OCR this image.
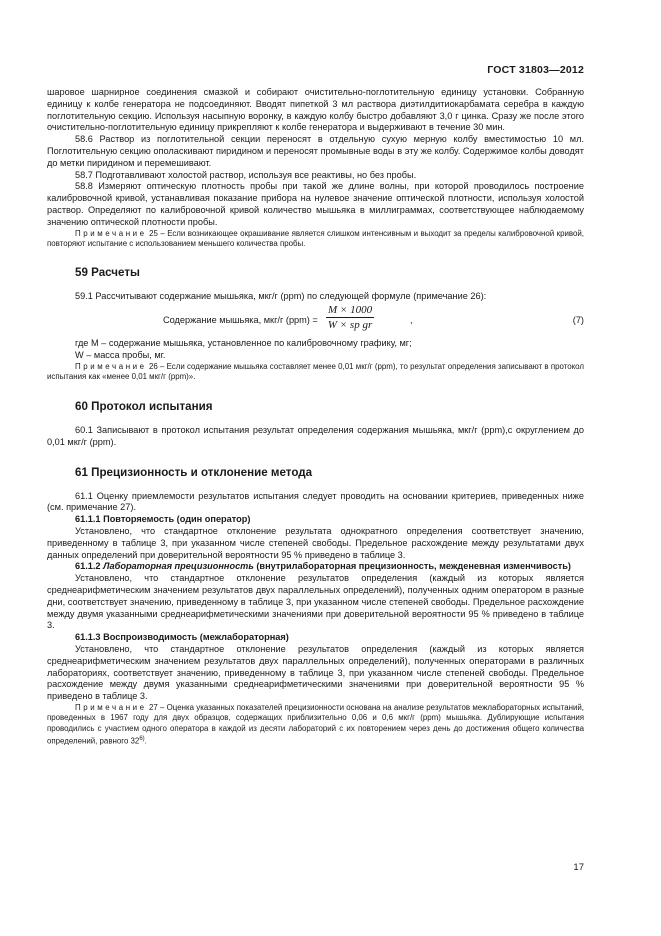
ГОСТ 31803—2012

шаровое шарнирное соединения смазкой и собирают очистительно-поглотительную единицу установки. Собранную единицу к колбе генератора не подсоединяют. Вводят пипеткой 3 мл раствора диэтилдитиокарбамата серебра в каждую поглотительную секцию. Используя насыпную воронку, в каждую колбу быстро добавляют 3,0 г цинка. Сразу же после этого очистительно-поглотительную единицу прикрепляют к колбе генератора и выдерживают в течение 30 мин.

58.6 Раствор из поглотительной секции переносят в отдельную сухую мерную колбу вместимостью 10 мл. Поглотительную секцию ополаскивают пиридином и переносят промывные воды в эту же колбу. Содержимое колбы доводят до метки пиридином и перемешивают.

58.7 Подготавливают холостой раствор, используя все реактивы, но без пробы.

58.8 Измеряют оптическую плотность пробы при такой же длине волны, при которой проводилось построение калибровочной кривой, устанавливая показание прибора на нулевое значение оптической плотности, используя холостой раствор. Определяют по калибровочной кривой количество мышьяка в миллиграммах, соответствующее наблюдаемому значению оптической плотности пробы.

Примечание 25 – Если возникающее окрашивание является слишком интенсивным и выходит за пределы калибровочной кривой, повторяют испытание с использованием меньшего количества пробы.

59 Расчеты

59.1 Рассчитывают содержание мышьяка, мкг/г (ppm) по следующей формуле (примечание 26):

Содержание мышьяка, мкг/г $(ppm) = \frac{M \times 1000}{\text{W × sp gr}}$	,	(7)

где M – содержание мышьяка, установленное по калибровочному графику, мг;

W – масса пробы, мг.

Примечание 26 – Если содержание мышьяка составляет менее 0,01 мкг/г (ppm), то результат определения записывают в протокол испытания как «менее 0,01 мкг/г (ppm)».

60 Протокол испытания

60.1 Записывают в протокол испытания результат определения содержания мышьяка, мкг/г (ppm),с округлением до 0,01 мкг/г (ppm).

61 Прецизионность и отклонение метода

61.1 Оценку приемлемости результатов испытания следует проводить на основании критериев, приведенных ниже (см. примечание 27).

61.1.1 Повторяемость (один оператор)

Установлено, что стандартное отклонение результата однократного определения соответствует значению, приведенному в таблице 3, при указанном числе степеней свободы. Предельное расхождение между результатами двух данных определений при доверительной вероятности 95 % приведено в таблице 3.

61.1.2 Лабораторная прецизионность (внутрилабораторная прецизионность, межденевная изменчивость)

Установлено, что стандартное отклонение результатов определения (каждый из которых является среднеарифметическим значением результатов двух параллельных определений), полученных одним оператором в разные дни, соответствует значению, приведенному в таблице 3, при указанном числе степеней свободы. Предельное расхождение между двумя указанными среднеарифметическими значениями при доверительной вероятности 95 % приведено в таблице 3.

61.1.3 Воспроизводимость (межлабораторная)

Установлено, что стандартное отклонение результатов определения (каждый из которых является среднеарифметическим значением результатов двух параллельных определений), полученных операторами в различных лабораториях, соответствует значению, приведенному в таблице 3, при указанном числе степеней свободы. Предельное расхождение между двумя указанными среднеарифметическими значениями при доверительной вероятности 95 % приведено в таблице 3.

Примечание 27 – Оценка указанных показателей прецизионности основана на анализе результатов межлабораторных испытаний, проведенных в 1967 году для двух образцов, содержащих приблизительно 0,06 и 0,6 мкг/г (ppm) мышьяка. Дублирующие испытания проводились с участием одного оператора в каждой из десяти лабораторий с их повторением через день до достижения общего количества определений, равного 32$^{6)}$.

17
